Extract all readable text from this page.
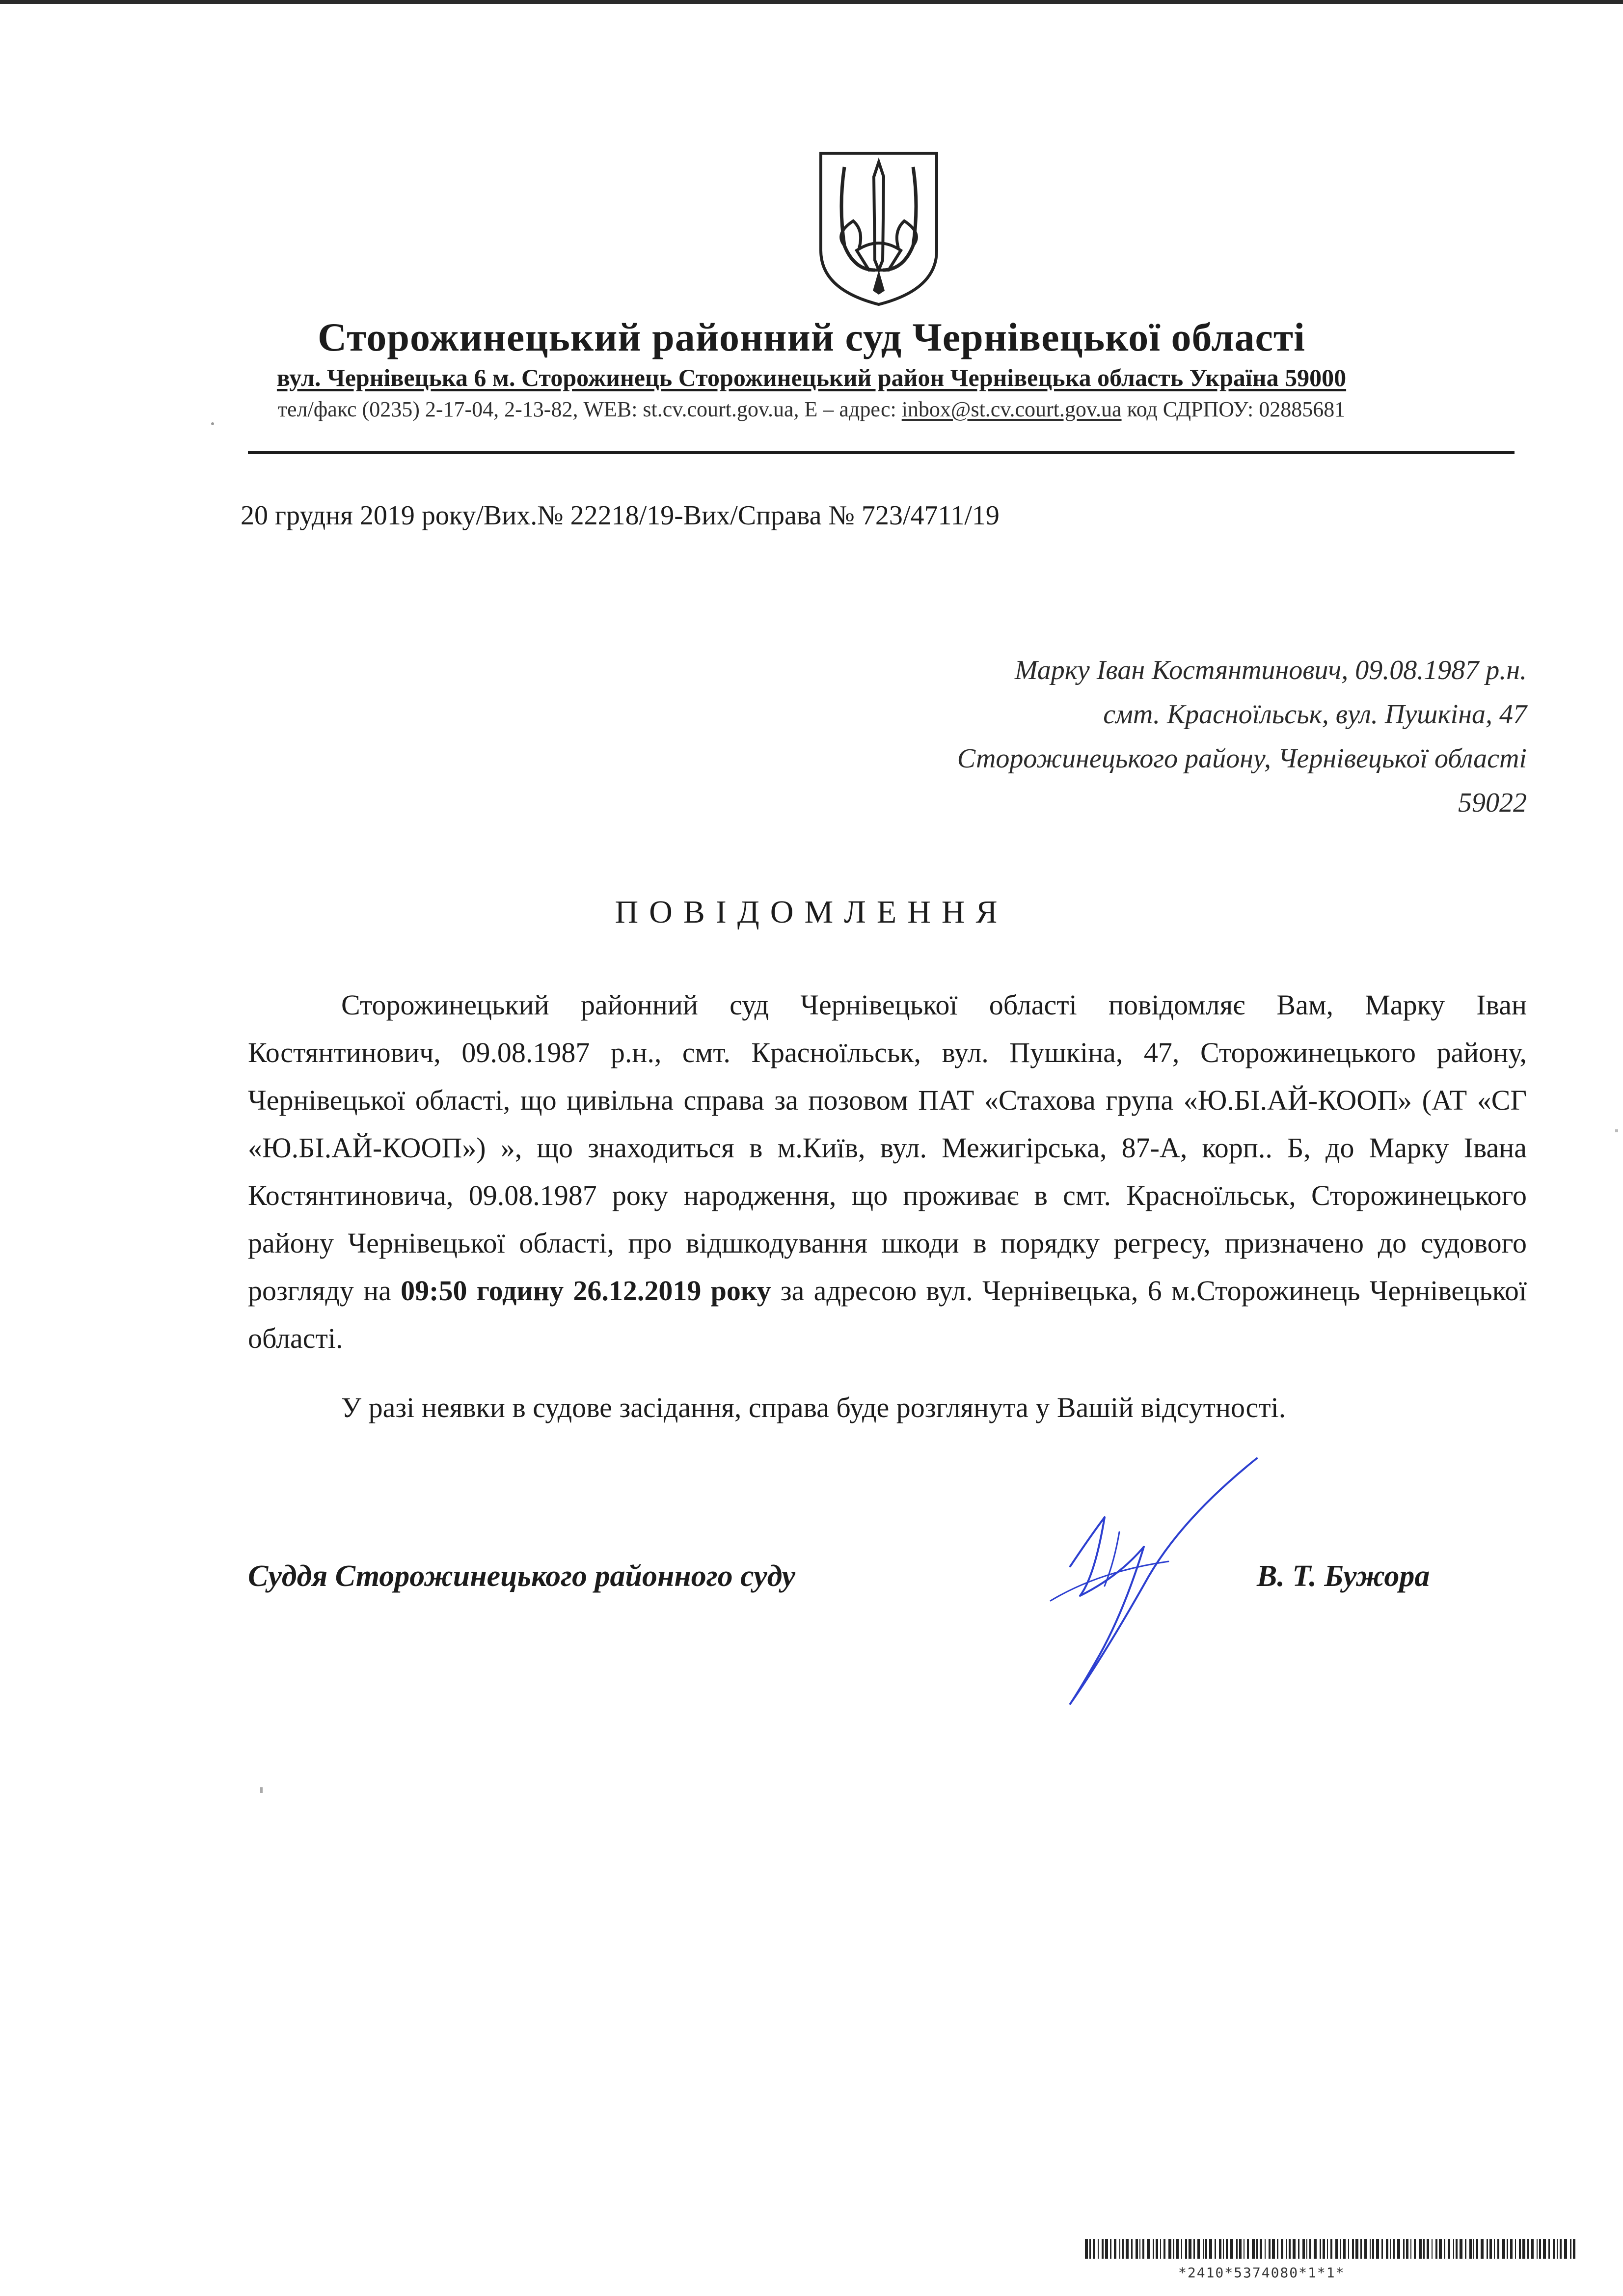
Сторожинецький районний суд Чернівецької області
вул. Чернівецька 6 м. Сторожинець Сторожинецький район Чернівецька область Україна 59000
тел/факс (0235) 2-17-04, 2-13-82, WEB: st.cv.court.gov.ua, E – адрес: inbox@st.cv.court.gov.ua код СДРПОУ: 02885681
20 грудня 2019 року/Вих.№ 22218/19-Вих/Справа № 723/4711/19
Марку Іван Костянтинович, 09.08.1987 р.н.
смт. Красноїльськ, вул. Пушкіна, 47
Сторожинецького району, Чернівецької області
59022
ПОВІДОМЛЕННЯ
Сторожинецький районний суд Чернівецької області повідомляє Вам, Марку Іван Костянтинович, 09.08.1987 р.н., смт. Красноїльськ, вул. Пушкіна, 47, Сторожинецького району, Чернівецької області, що цивільна справа за позовом ПАТ «Стахова група «Ю.БІ.АЙ-КООП» (АТ «СГ «Ю.БІ.АЙ-КООП») », що знаходиться в м.Київ, вул. Межигірська, 87-А, корп.. Б, до Марку Івана Костянтиновича, 09.08.1987 року народження, що проживає в смт. Красноїльськ, Сторожинецького району Чернівецької області, про відшкодування шкоди в порядку регресу, призначено до судового розгляду на 09:50 годину 26.12.2019 року за адресою вул. Чернівецька, 6 м.Сторожинець Чернівецької області.
У разі неявки в судове засідання, справа буде розглянута у Вашій відсутності.
Суддя Сторожинецького районного суду	В. Т. Бужора
*2410*5374080*1*1*
